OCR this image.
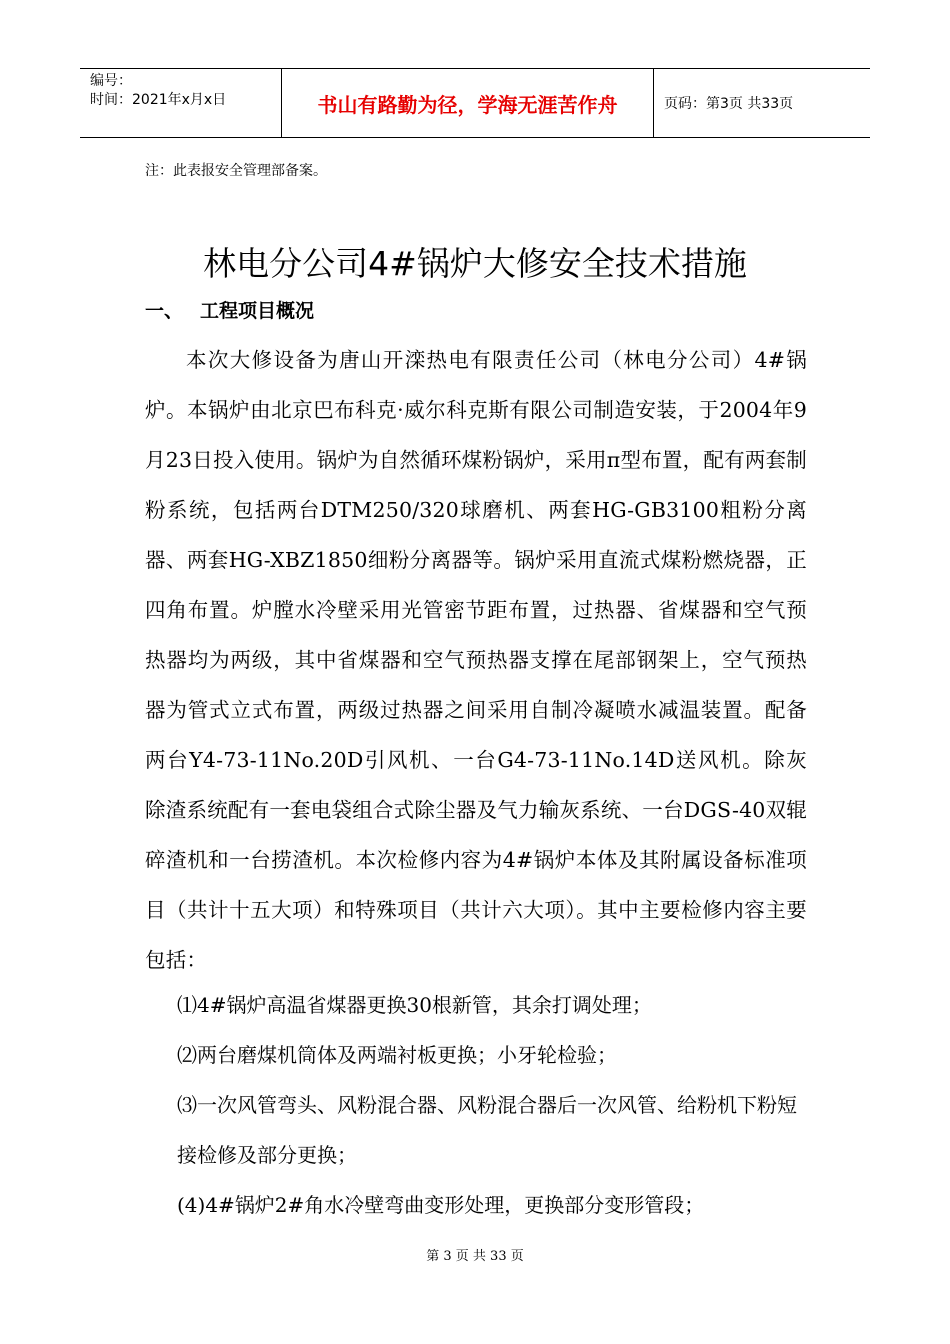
编号：
时间：2021年x月x日	书山有路勤为径，学海无涯苦作舟	页码：第3页 共33页
注：此表报安全管理部备案。
林电分公司4#锅炉大修安全技术措施
一、 工程项目概况

本次大修设备为唐山开滦热电有限责任公司（林电分公司）4#锅炉。本锅炉由北京巴布科克·威尔科克斯有限公司制造安装，于2004年9月23日投入使用。锅炉为自然循环煤粉锅炉，采用π型布置，配有两套制粉系统，包括两台DTM250/320球磨机、两套HG-GB3100粗粉分离器、两套HG-XBZ1850细粉分离器等。锅炉采用直流式煤粉燃烧器，正四角布置。炉膛水冷壁采用光管密节距布置，过热器、省煤器和空气预热器均为两级，其中省煤器和空气预热器支撑在尾部钢架上，空气预热器为管式立式布置，两级过热器之间采用自制冷凝喷水减温装置。配备两台Y4-73-11No.20D引风机、一台G4-73-11No.14D送风机。除灰除渣系统配有一套电袋组合式除尘器及气力输灰系统、一台DGS-40双辊碎渣机和一台捞渣机。本次检修内容为4#锅炉本体及其附属设备标准项目（共计十五大项）和特殊项目（共计六大项）。其中主要检修内容主要包括：

⑴4#锅炉高温省煤器更换30根新管，其余打调处理；
⑵两台磨煤机筒体及两端衬板更换；小牙轮检验；
⑶一次风管弯头、风粉混合器、风粉混合器后一次风管、给粉机下粉短接检修及部分更换；
(4)4#锅炉2#角水冷壁弯曲变形处理，更换部分变形管段；
第 3 页 共 33 页
